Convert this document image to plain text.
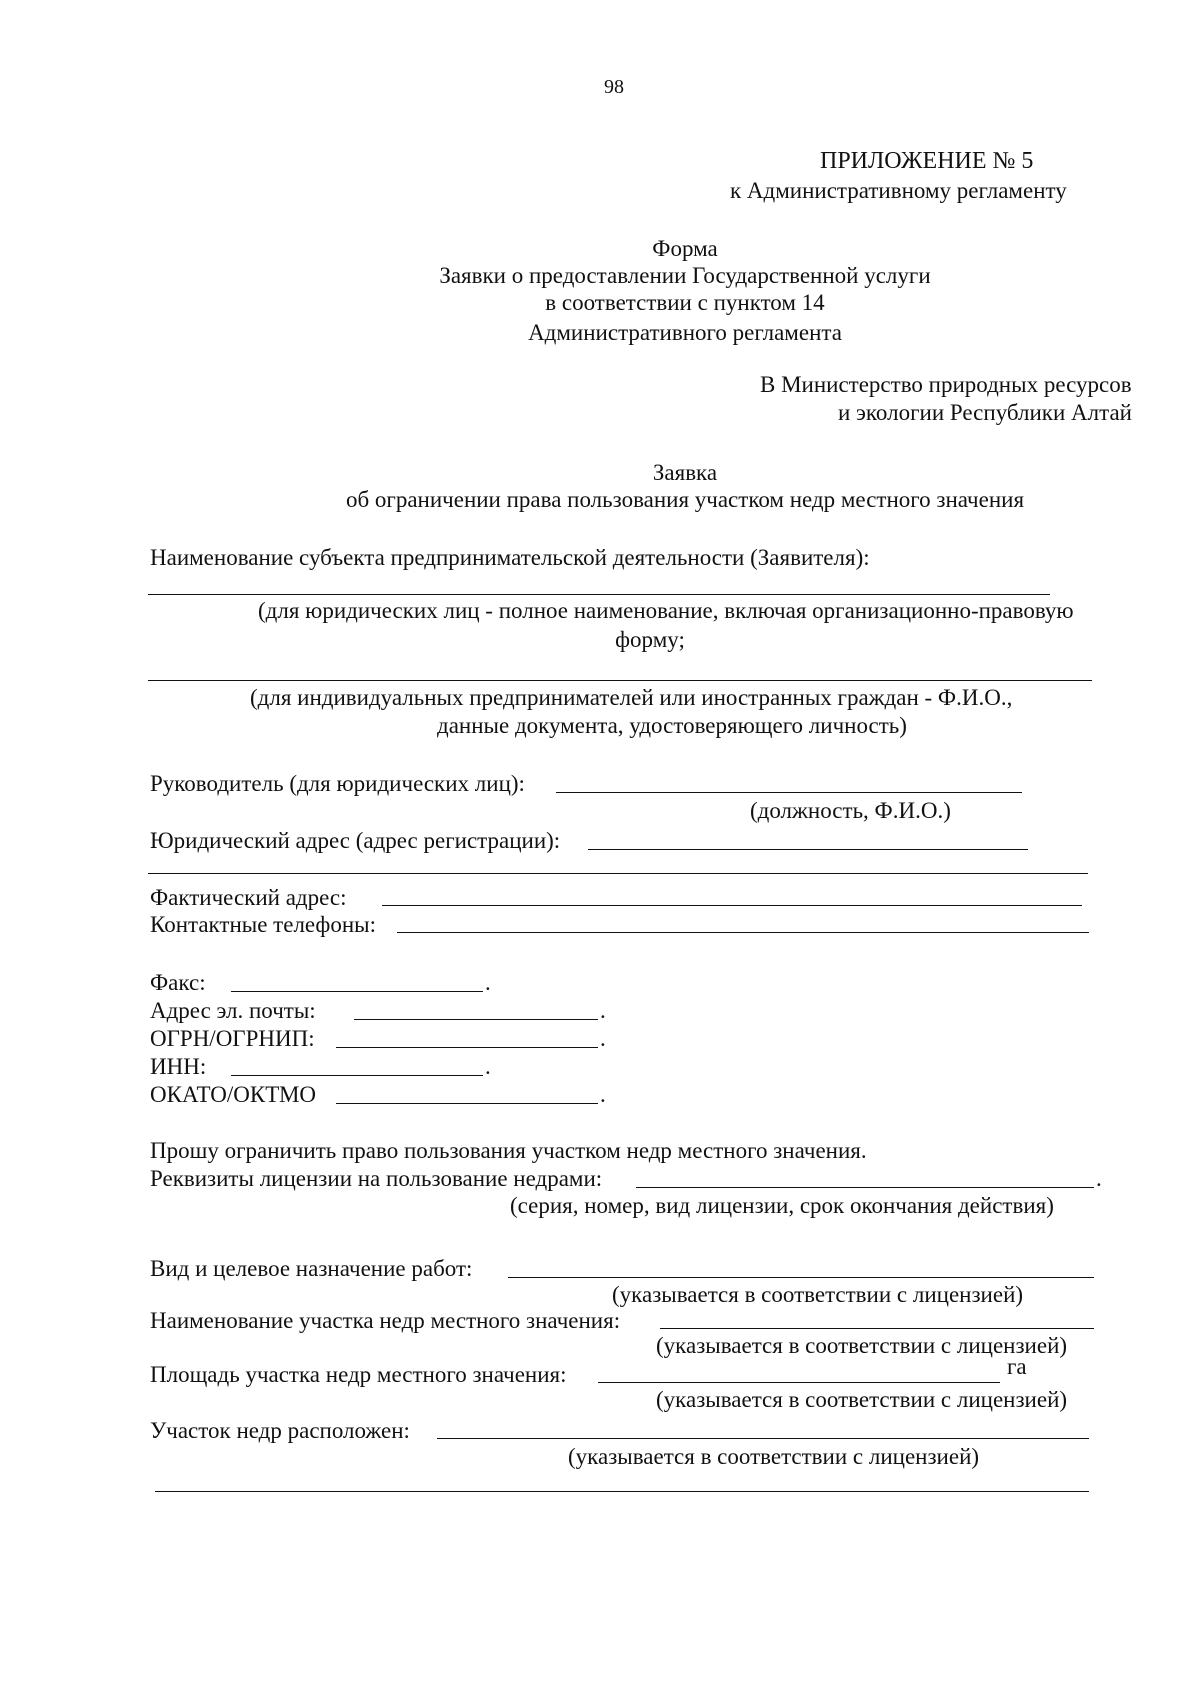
98
ПРИЛОЖЕНИЕ № 5
к Административному регламенту
Форма
Заявки о предоставлении Государственной услуги
в соответствии с пунктом 14
Административного регламента
В Министерство природных ресурсов
и экологии Республики Алтай
Заявка
об ограничении права пользования участком недр местного значения
Наименование субъекта предпринимательской деятельности (Заявителя):
(для юридических лиц - полное наименование, включая организационно-правовую
форму;
(для индивидуальных предпринимателей или иностранных граждан - Ф.И.О.,
данные документа, удостоверяющего личность)
Руководитель (для юридических лиц):
(должность, Ф.И.О.)
Юридический адрес (адрес регистрации):
Фактический адрес:
Контактные телефоны:
Факс:	.
Адрес эл. почты:	.
ОГРН/ОГРНИП:	.
ИНН:	.
ОКАТО/ОКТМО	.
Прошу ограничить право пользования участком недр местного значения.
Реквизиты лицензии на пользование недрами:	.
(серия, номер, вид лицензии, срок окончания действия)
Вид и целевое назначение работ:
(указывается в соответствии с лицензией)
Наименование участка недр местного значения:
(указывается в соответствии с лицензией)
Площадь участка недр местного значения:	га
(указывается в соответствии с лицензией)
Участок недр расположен:
(указывается в соответствии с лицензией)
